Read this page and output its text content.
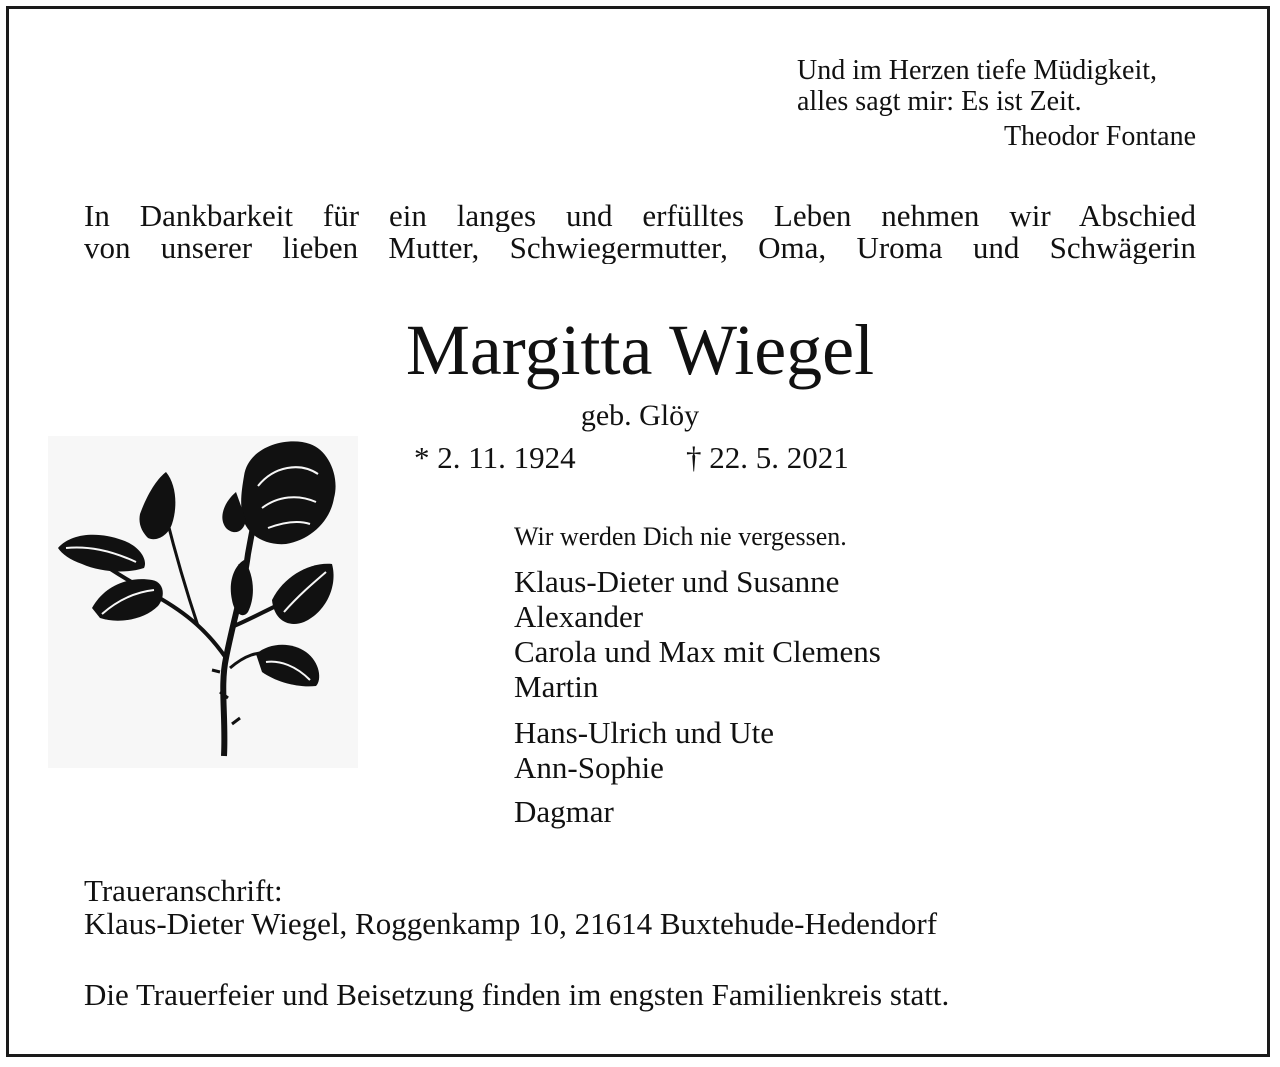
Und im Herzen tiefe Müdigkeit,
alles sagt mir: Es ist Zeit.
Theodor Fontane
In Dankbarkeit für ein langes und erfülltes Leben nehmen wir Abschied
von unserer lieben Mutter, Schwiegermutter, Oma, Uroma und Schwägerin
Margitta Wiegel
geb. Glöy
* 2. 11. 1924	† 22. 5. 2021
Wir werden Dich nie vergessen.
Klaus-Dieter und Susanne
Alexander
Carola und Max mit Clemens
Martin
Hans-Ulrich und Ute
Ann-Sophie
Dagmar
Traueranschrift:
Klaus-Dieter Wiegel, Roggenkamp 10, 21614 Buxtehude-Hedendorf
Die Trauerfeier und Beisetzung finden im engsten Familienkreis statt.
